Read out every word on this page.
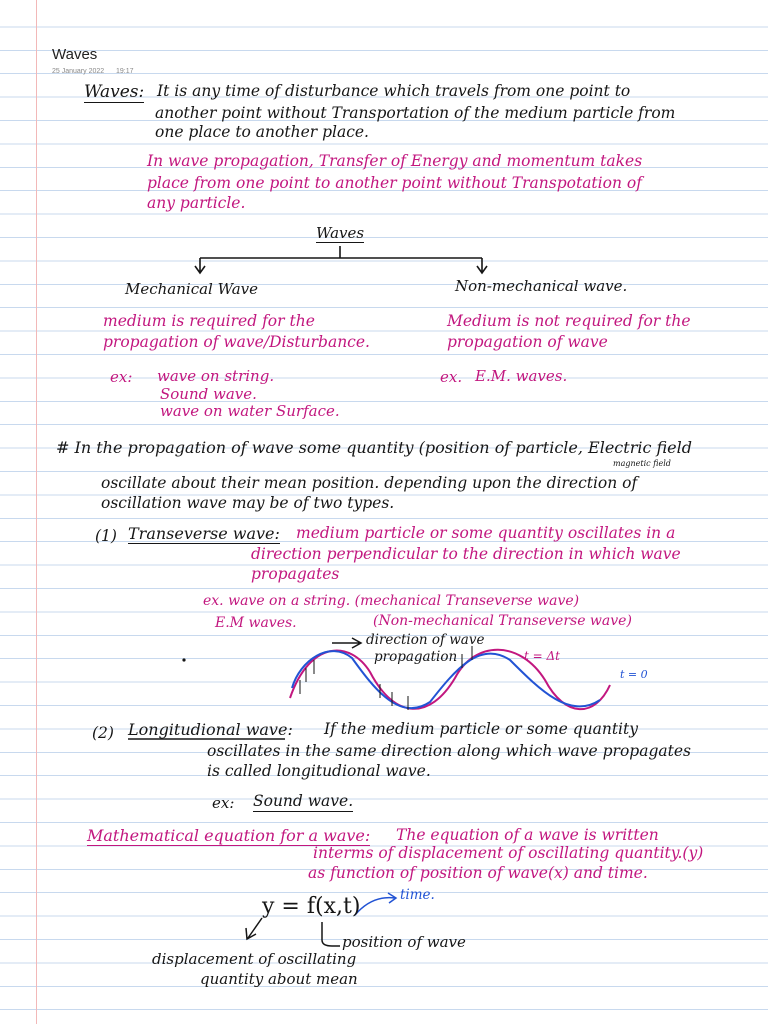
Waves
25 January 2022 19:17
Waves: It is any time of disturbance which travels from one point to
another point without Transportation of the medium particle from
one place to another place.
In wave propagation, Transfer of Energy and momentum takes
place from one point to another point without Transpotation of
any particle.
Waves
Mechanical Wave	Non-mechanical wave.
medium is required for the
propagation of wave/Disturbance.
ex: wave on string.
Sound wave.
wave on water Surface.
Medium is not required for the
propagation of wave
ex. E.M. waves.
# In the propagation of wave some quantity (position of particle, Electric field
magnetic field
oscillate about their mean position. depending upon the direction of
oscillation wave may be of two types.
(1) Transeverse wave: medium particle or some quantity oscillates in a
direction perpendicular to the direction in which wave
propagates
ex. wave on a string. (mechanical Transeverse wave)
E.M waves.	(Non-mechanical Transeverse wave)
direction of wave
propagation	t = Δt
t = 0
(2) Longitudional wave: If the medium particle or some quantity
oscillates in the same direction along which wave propagates
is called longitudional wave.
ex: Sound wave.
Mathematical equation for a wave: The equation of a wave is written
interms of displacement of oscillating quantity.(y)
as function of position of wave(x) and time.
y = f(x,t)	time.
position of wave
displacement of oscillating
quantity about mean
